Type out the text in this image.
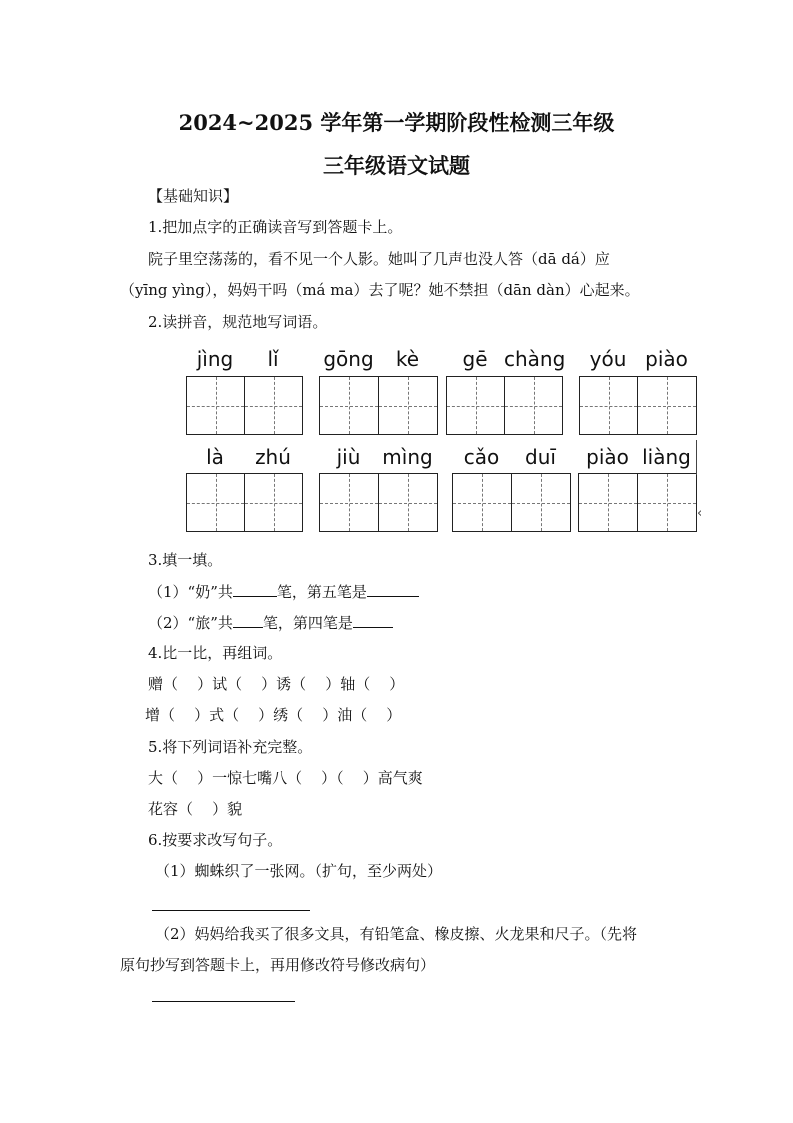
2024~2025 学年第一学期阶段性检测三年级
三年级语文试题
【基础知识】
1.把加点字的正确读音写到答题卡上。
院子里空荡荡的，看不见一个人影。她叫了几声也没人答（dā dá）应
（yīng yìng），妈妈干吗（má ma）去了呢？她不禁担（dān dàn）心起来。
2.读拼音，规范地写词语。
jìng	lǐ	gōng	kè	gē chàng	yóu piào
là	zhú	jiù	mìng	cǎo	duī	piào liàng
‹
3.填一填。
（1）“奶”共	笔，第五笔是
（2）“旅”共 笔，第四笔是
4.比一比，再组词。
赠（    ）试（    ）诱（    ）轴（    ）
增（    ）式（    ）绣（    ）油（    ）
5.将下列词语补充完整。
大（    ）一惊七嘴八（    ）（    ）高气爽
花容（    ）貌
6.按要求改写句子。
（1）蜘蛛织了一张网。（扩句，至少两处）
（2）妈妈给我买了很多文具，有铅笔盒、橡皮擦、火龙果和尺子。（先将
原句抄写到答题卡上，再用修改符号修改病句）
